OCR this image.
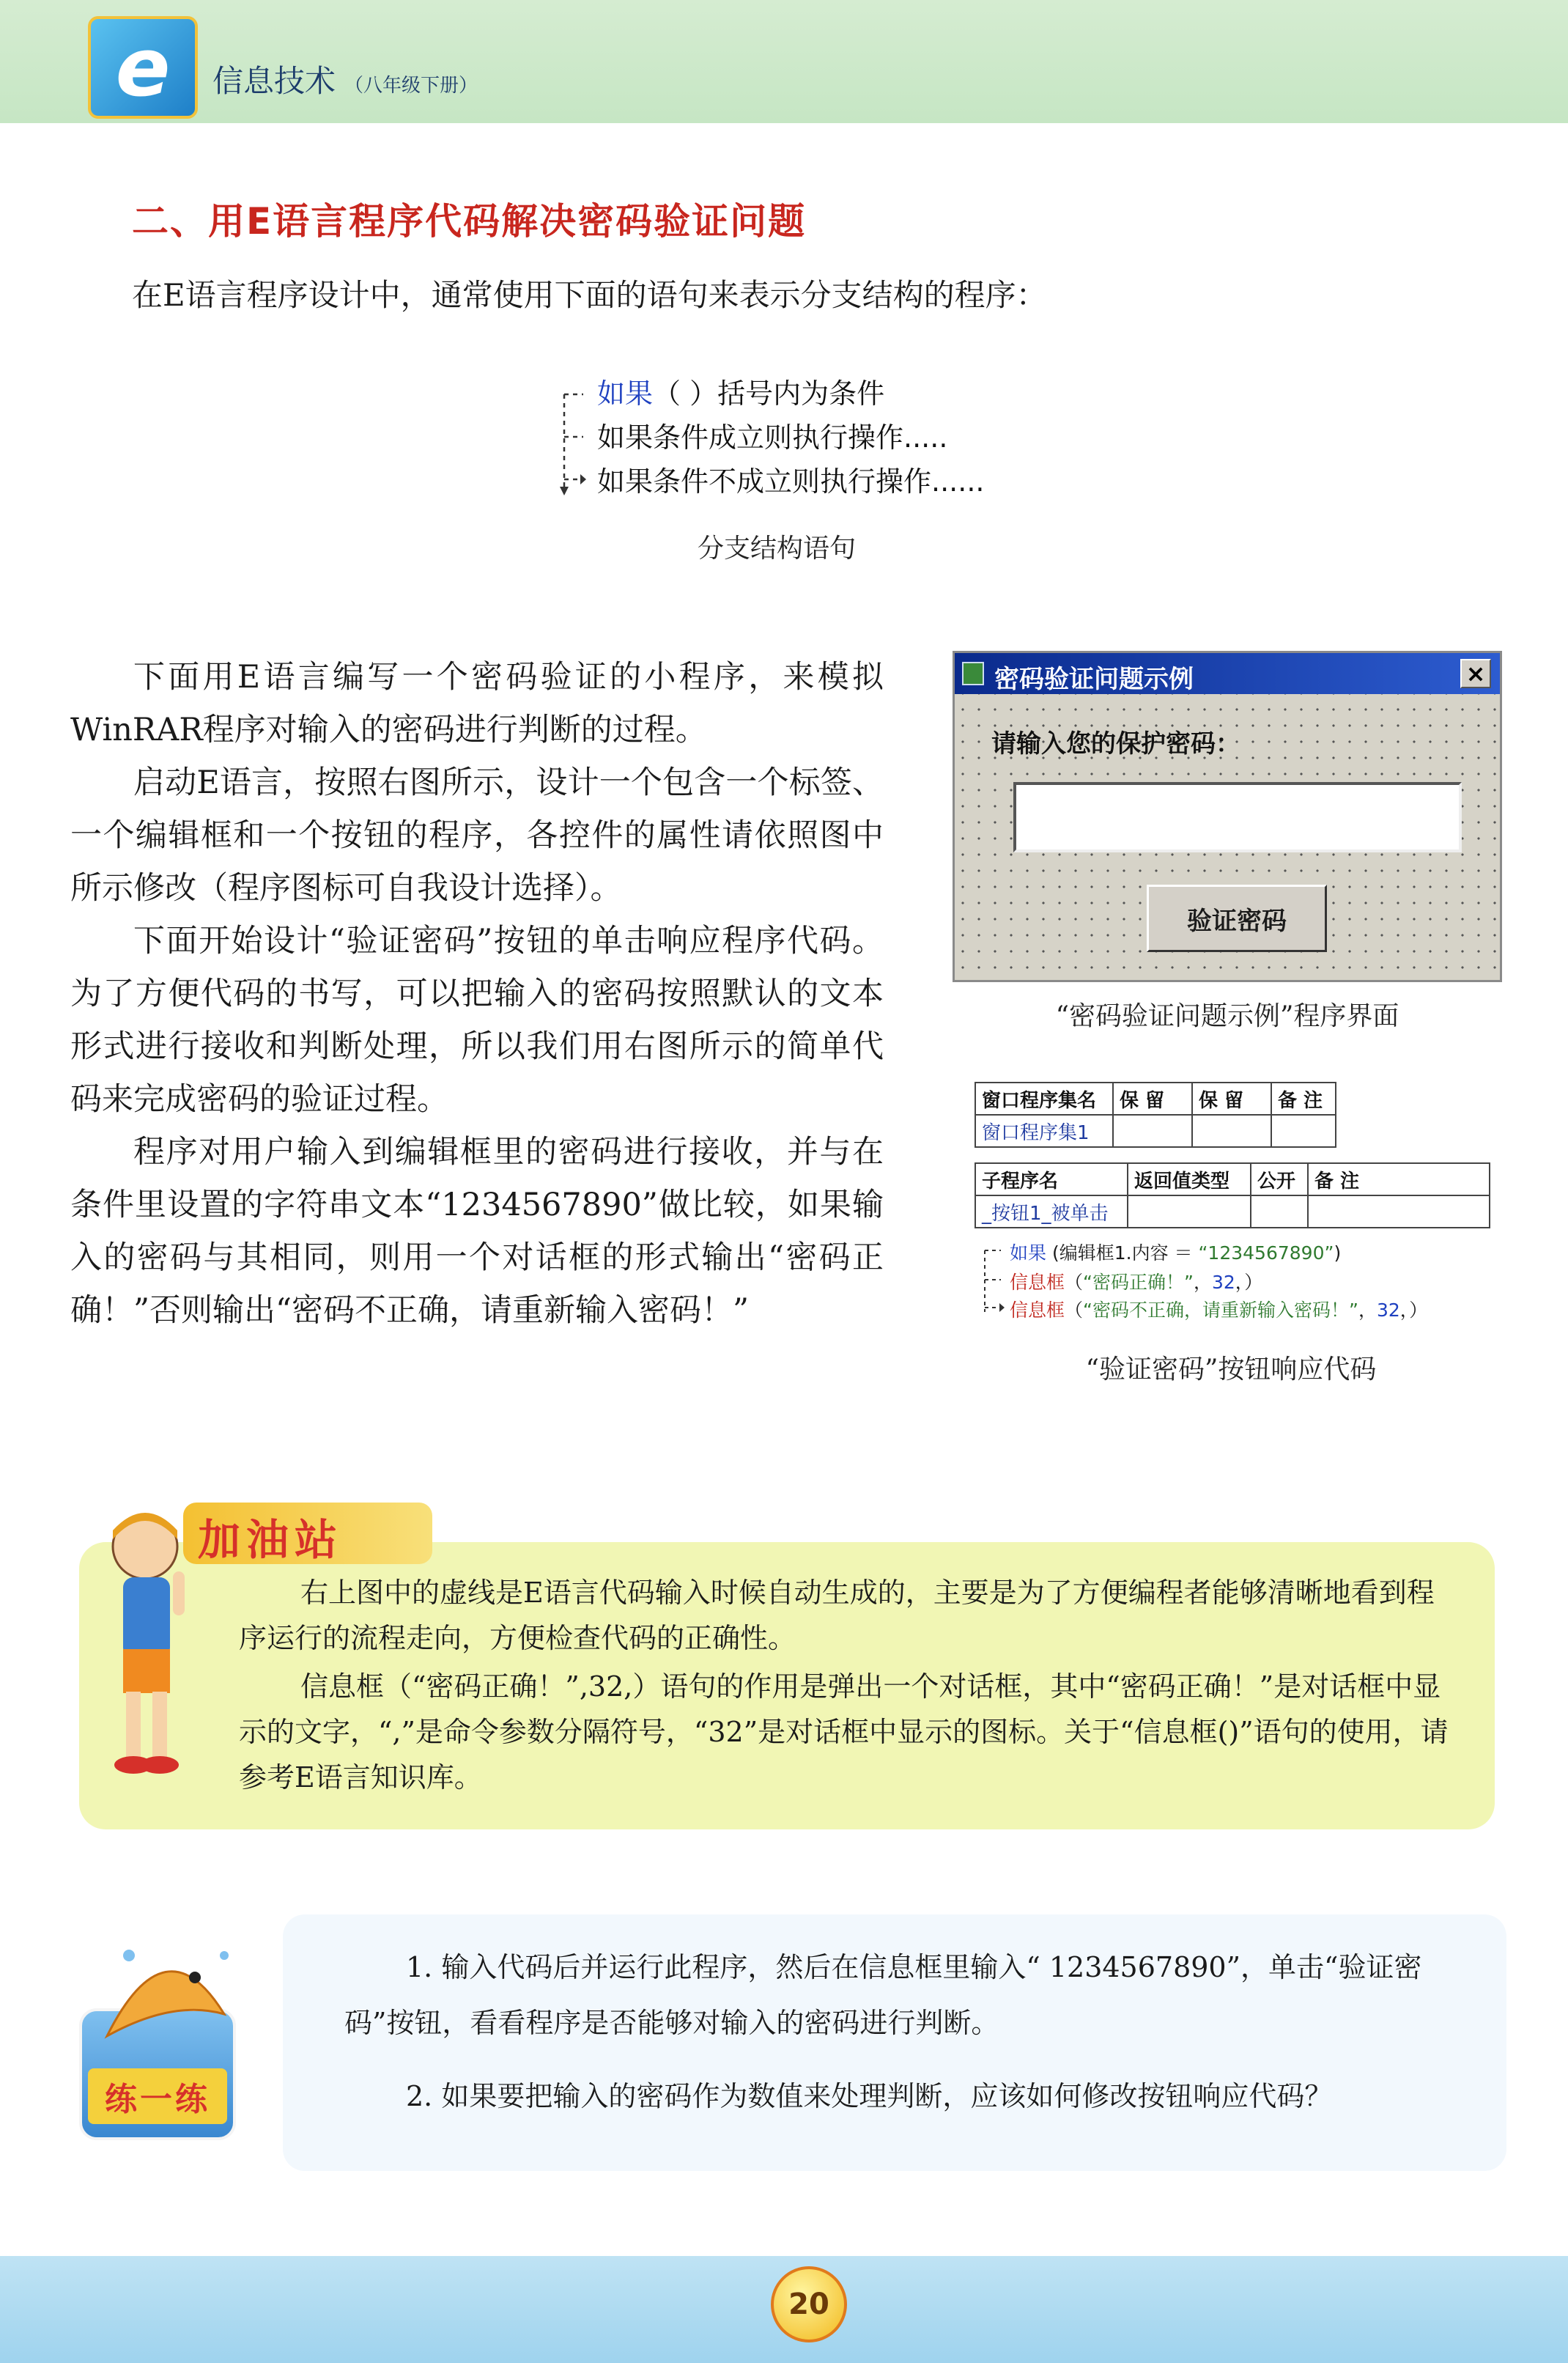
e	信息技术 （八年级下册）
二、用E语言程序代码解决密码验证问题
在E语言程序设计中，通常使用下面的语句来表示分支结构的程序：
如果（ ）括号内为条件
如果条件成立则执行操作.....
如果条件不成立则执行操作......
分支结构语句

下面用E语言编写一个密码验证的小程序，来模拟WinRAR程序对输入的密码进行判断的过程。

启动E语言，按照右图所示，设计一个包含一个标签、一个编辑框和一个按钮的程序，各控件的属性请依照图中所示修改（程序图标可自我设计选择）。

下面开始设计“验证密码”按钮的单击响应程序代码。为了方便代码的书写，可以把输入的密码按照默认的文本形式进行接收和判断处理，所以我们用右图所示的简单代码来完成密码的验证过程。

程序对用户输入到编辑框里的密码进行接收，并与在条件里设置的字符串文本“1234567890”做比较，如果输入的密码与其相同，则用一个对话框的形式输出“密码正确！”否则输出“密码不正确，请重新输入密码！”

密码验证问题示例	×
请输入您的保护密码：
验证密码
“密码验证问题示例”程序界面
窗口程序集名	保 留	保 留	备 注
窗口程序集1			
子程序名	返回值类型	公开	备 注
_按钮1_被单击			
如果 (编辑框1.内容 ＝ “1234567890”)
信息框（“密码正确！”，32，）
信息框（“密码不正确，请重新输入密码！”，32，）
“验证密码”按钮响应代码
加油站

右上图中的虚线是E语言代码输入时候自动生成的，主要是为了方便编程者能够清晰地看到程序运行的流程走向，方便检查代码的正确性。

信息框（“密码正确！”,32,）语句的作用是弹出一个对话框，其中“密码正确！”是对话框中显示的文字，“,”是命令参数分隔符号，“32”是对话框中显示的图标。关于“信息框()”语句的使用，请参考E语言知识库。

练一练

1. 输入代码后并运行此程序，然后在信息框里输入“ 1234567890”，单击“验证密码”按钮，看看程序是否能够对输入的密码进行判断。

2. 如果要把输入的密码作为数值来处理判断，应该如何修改按钮响应代码？

20
